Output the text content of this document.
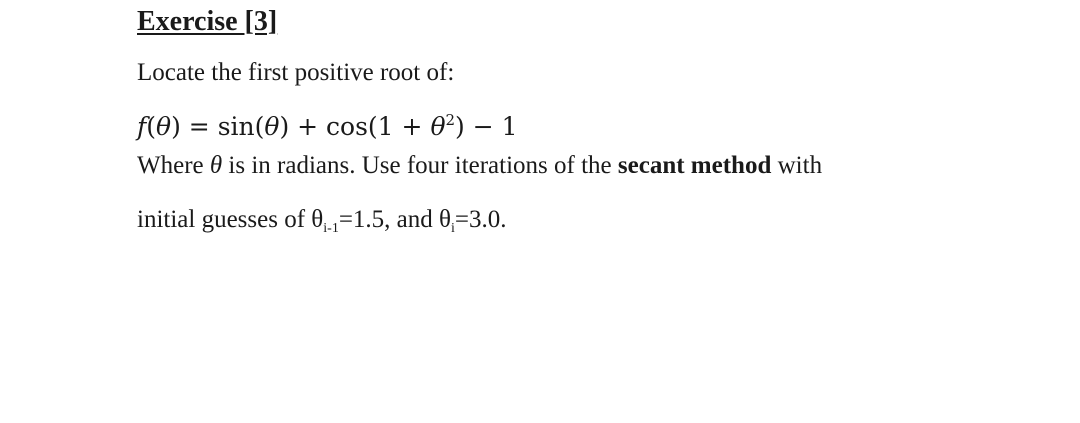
Exercise [3]
Locate the first positive root of:
$f(\theta) = \sin(\theta) + \cos(1 + \theta^2) - 1$
Where θ is in radians. Use four iterations of the secant method with
initial guesses of $\theta_{i-1}=1.5$, and $\theta_i=3.0$.
